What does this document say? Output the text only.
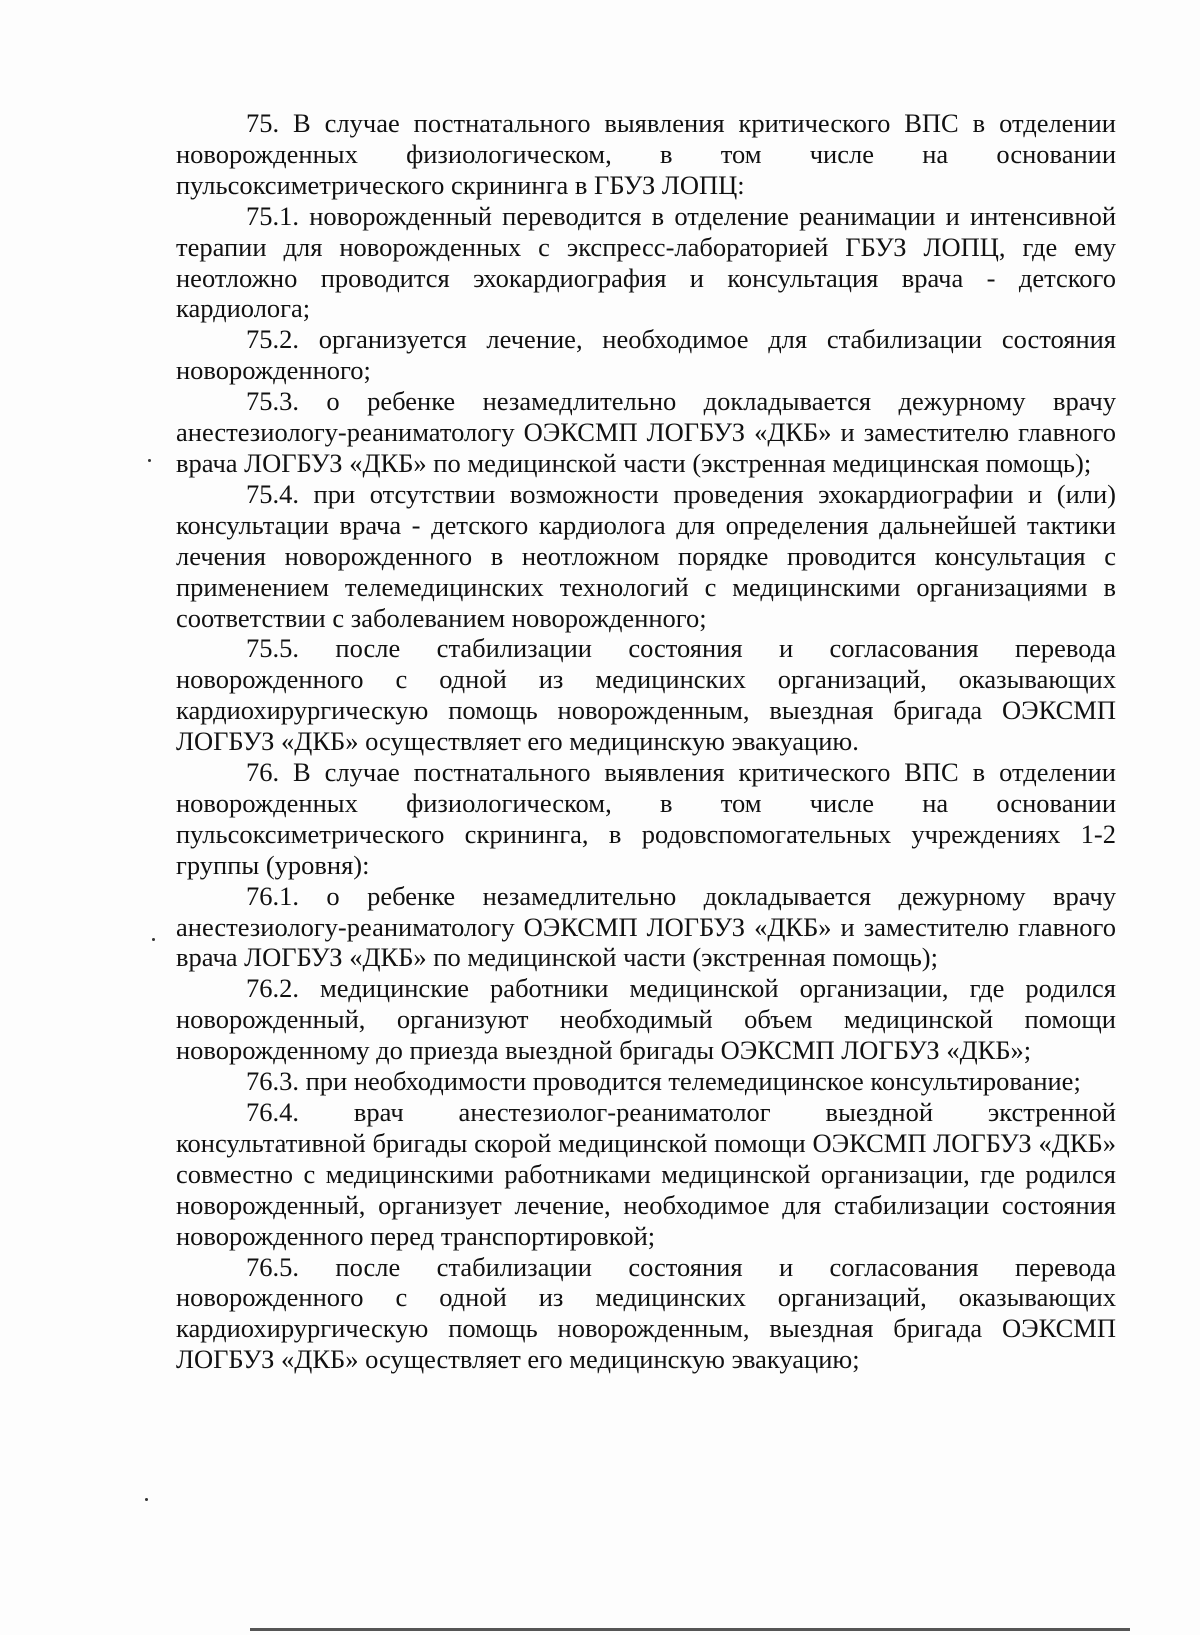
75. В случае постнатального выявления критического ВПС в отделении новорожденных физиологическом, в том числе на основании пульсоксиметрического скрининга в ГБУЗ ЛОПЦ:

75.1. новорожденный переводится в отделение реанимации и интенсивной терапии для новорожденных с экспресс-лабораторией ГБУЗ ЛОПЦ, где ему неотложно проводится эхокардиография и консультация врача - детского кардиолога;

75.2. организуется лечение, необходимое для стабилизации состояния новорожденного;

75.3. о ребенке незамедлительно докладывается дежурному врачу анестезиологу-реаниматологу ОЭКСМП ЛОГБУЗ «ДКБ» и заместителю главного врача ЛОГБУЗ «ДКБ» по медицинской части (экстренная медицинская помощь);

75.4. при отсутствии возможности проведения эхокардиографии и (или) консультации врача - детского кардиолога для определения дальнейшей тактики лечения новорожденного в неотложном порядке проводится консультация с применением телемедицинских технологий с медицинскими организациями в соответствии с заболеванием новорожденного;

75.5. после стабилизации состояния и согласования перевода новорожденного с одной из медицинских организаций, оказывающих кардиохирургическую помощь новорожденным, выездная бригада ОЭКСМП ЛОГБУЗ «ДКБ» осуществляет его медицинскую эвакуацию.

76. В случае постнатального выявления критического ВПС в отделении новорожденных физиологическом, в том числе на основании пульсоксиметрического скрининга, в родовспомогательных учреждениях 1-2 группы (уровня):

76.1. о ребенке незамедлительно докладывается дежурному врачу анестезиологу-реаниматологу ОЭКСМП ЛОГБУЗ «ДКБ» и заместителю главного врача ЛОГБУЗ «ДКБ» по медицинской части (экстренная помощь);

76.2. медицинские работники медицинской организации, где родился новорожденный, организуют необходимый объем медицинской помощи новорожденному до приезда выездной бригады ОЭКСМП ЛОГБУЗ «ДКБ»;

76.3. при необходимости проводится телемедицинское консультирование;

76.4. врач анестезиолог-реаниматолог выездной экстренной консультативной бригады скорой медицинской помощи ОЭКСМП ЛОГБУЗ «ДКБ» совместно с медицинскими работниками медицинской организации, где родился новорожденный, организует лечение, необходимое для стабилизации состояния новорожденного перед транспортировкой;

76.5. после стабилизации состояния и согласования перевода новорожденного с одной из медицинских организаций, оказывающих кардиохирургическую помощь новорожденным, выездная бригада ОЭКСМП ЛОГБУЗ «ДКБ» осуществляет его медицинскую эвакуацию;
